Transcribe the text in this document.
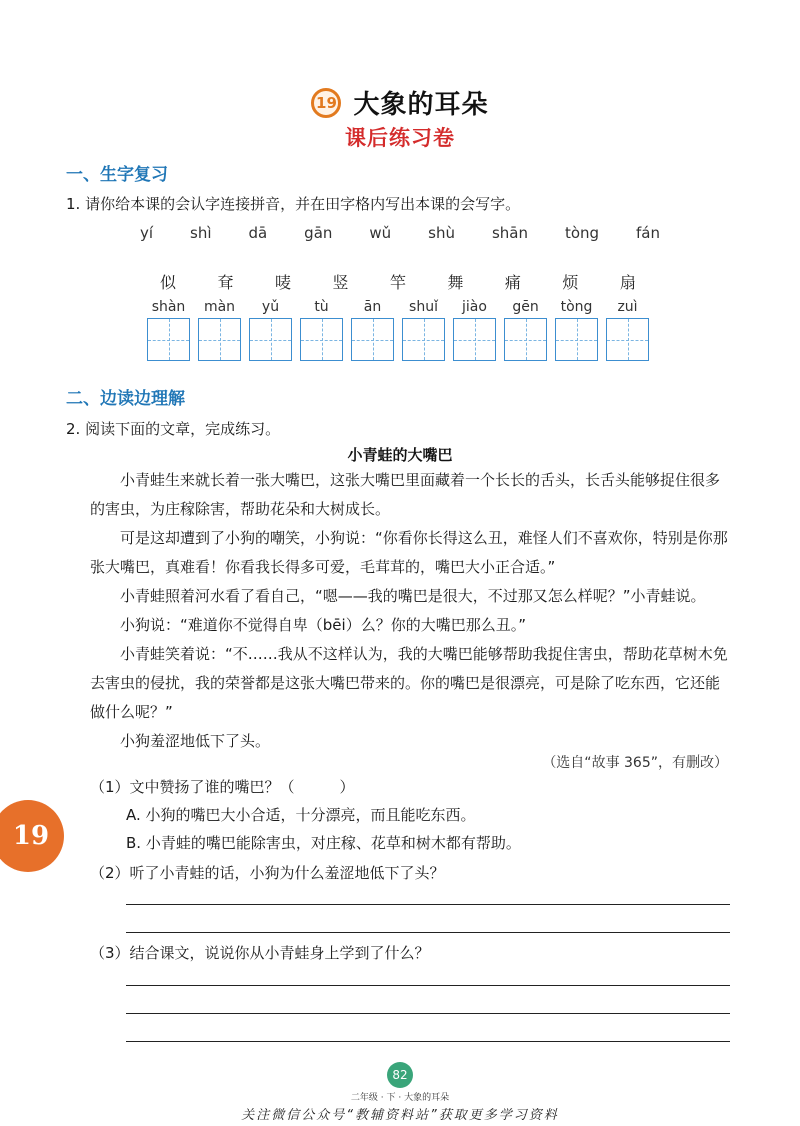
19 大象的耳朵
课后练习卷
一、生字复习
1. 请你给本课的会认字连接拼音，并在田字格内写出本课的会写字。
yí shì dā gān wǔ shù shān tòng fán
似	耷	唛	竖	竿	舞	痛	烦	扇
shàn màn yǔ	tù	ān shuǐ jiào gēn tòng zuì
二、边读边理解
2. 阅读下面的文章，完成练习。
小青蛙的大嘴巴

小青蛙生来就长着一张大嘴巴，这张大嘴巴里面藏着一个长长的舌头，长舌头能够捉住很多的害虫，为庄稼除害，帮助花朵和大树成长。

可是这却遭到了小狗的嘲笑，小狗说：“你看你长得这么丑，难怪人们不喜欢你，特别是你那张大嘴巴，真难看！你看我长得多可爱，毛茸茸的，嘴巴大小正合适。”

小青蛙照着河水看了看自己，“嗯——我的嘴巴是很大，不过那又怎么样呢？”小青蛙说。

小狗说：“难道你不觉得自卑（bēi）么？你的大嘴巴那么丑。”

小青蛙笑着说：“不……我从不这样认为，我的大嘴巴能够帮助我捉住害虫，帮助花草树木免去害虫的侵扰，我的荣誉都是这张大嘴巴带来的。你的嘴巴是很漂亮，可是除了吃东西，它还能做什么呢？”

小狗羞涩地低下了头。

（选自“故事 365”，有删改）
（1）文中赞扬了谁的嘴巴？（　　　）
A. 小狗的嘴巴大小合适，十分漂亮，而且能吃东西。
B. 小青蛙的嘴巴能除害虫，对庄稼、花草和树木都有帮助。
（2）听了小青蛙的话，小狗为什么羞涩地低下了头？
（3）结合课文，说说你从小青蛙身上学到了什么？
19
82
二年级 · 下 · 大象的耳朵
关注微信公众号“教辅资料站”获取更多学习资料
